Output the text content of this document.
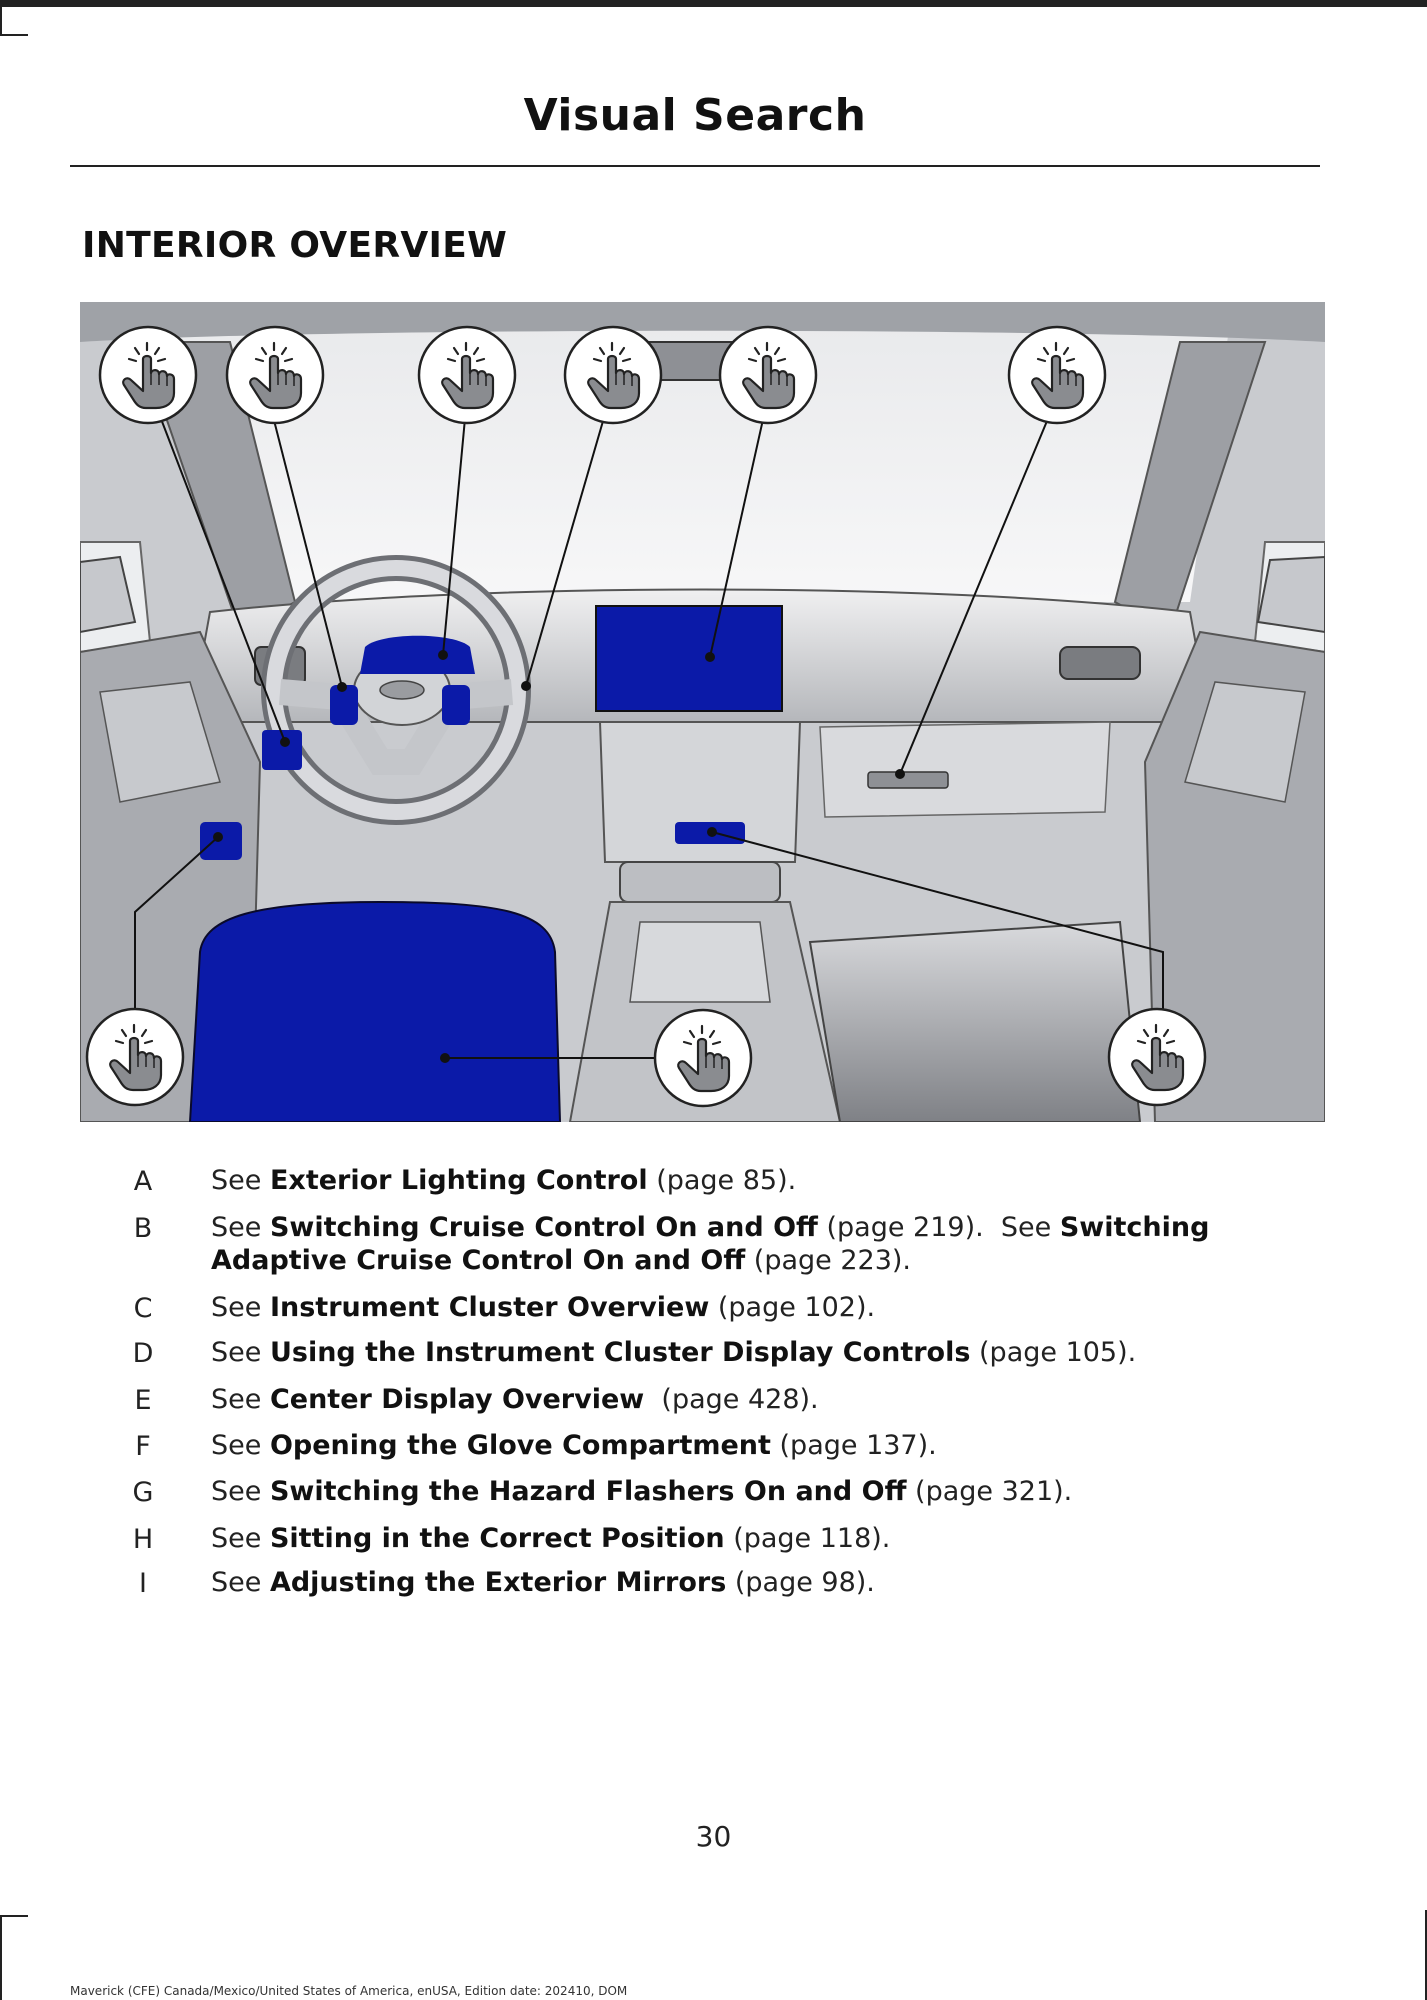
Visual Search
INTERIOR OVERVIEW
A See Exterior Lighting Control (page 85).
B See Switching Cruise Control On and Off (page 219).  See Switching Adaptive Cruise Control On and Off (page 223).
C See Instrument Cluster Overview (page 102).
D See Using the Instrument Cluster Display Controls (page 105).
E See Center Display Overview  (page 428).
F See Opening the Glove Compartment (page 137).
G See Switching the Hazard Flashers On and Off (page 321).
H See Sitting in the Correct Position (page 118).
I	See Adjusting the Exterior Mirrors (page 98).
30
Maverick (CFE) Canada/Mexico/United States of America, enUSA, Edition date: 202410, DOM
